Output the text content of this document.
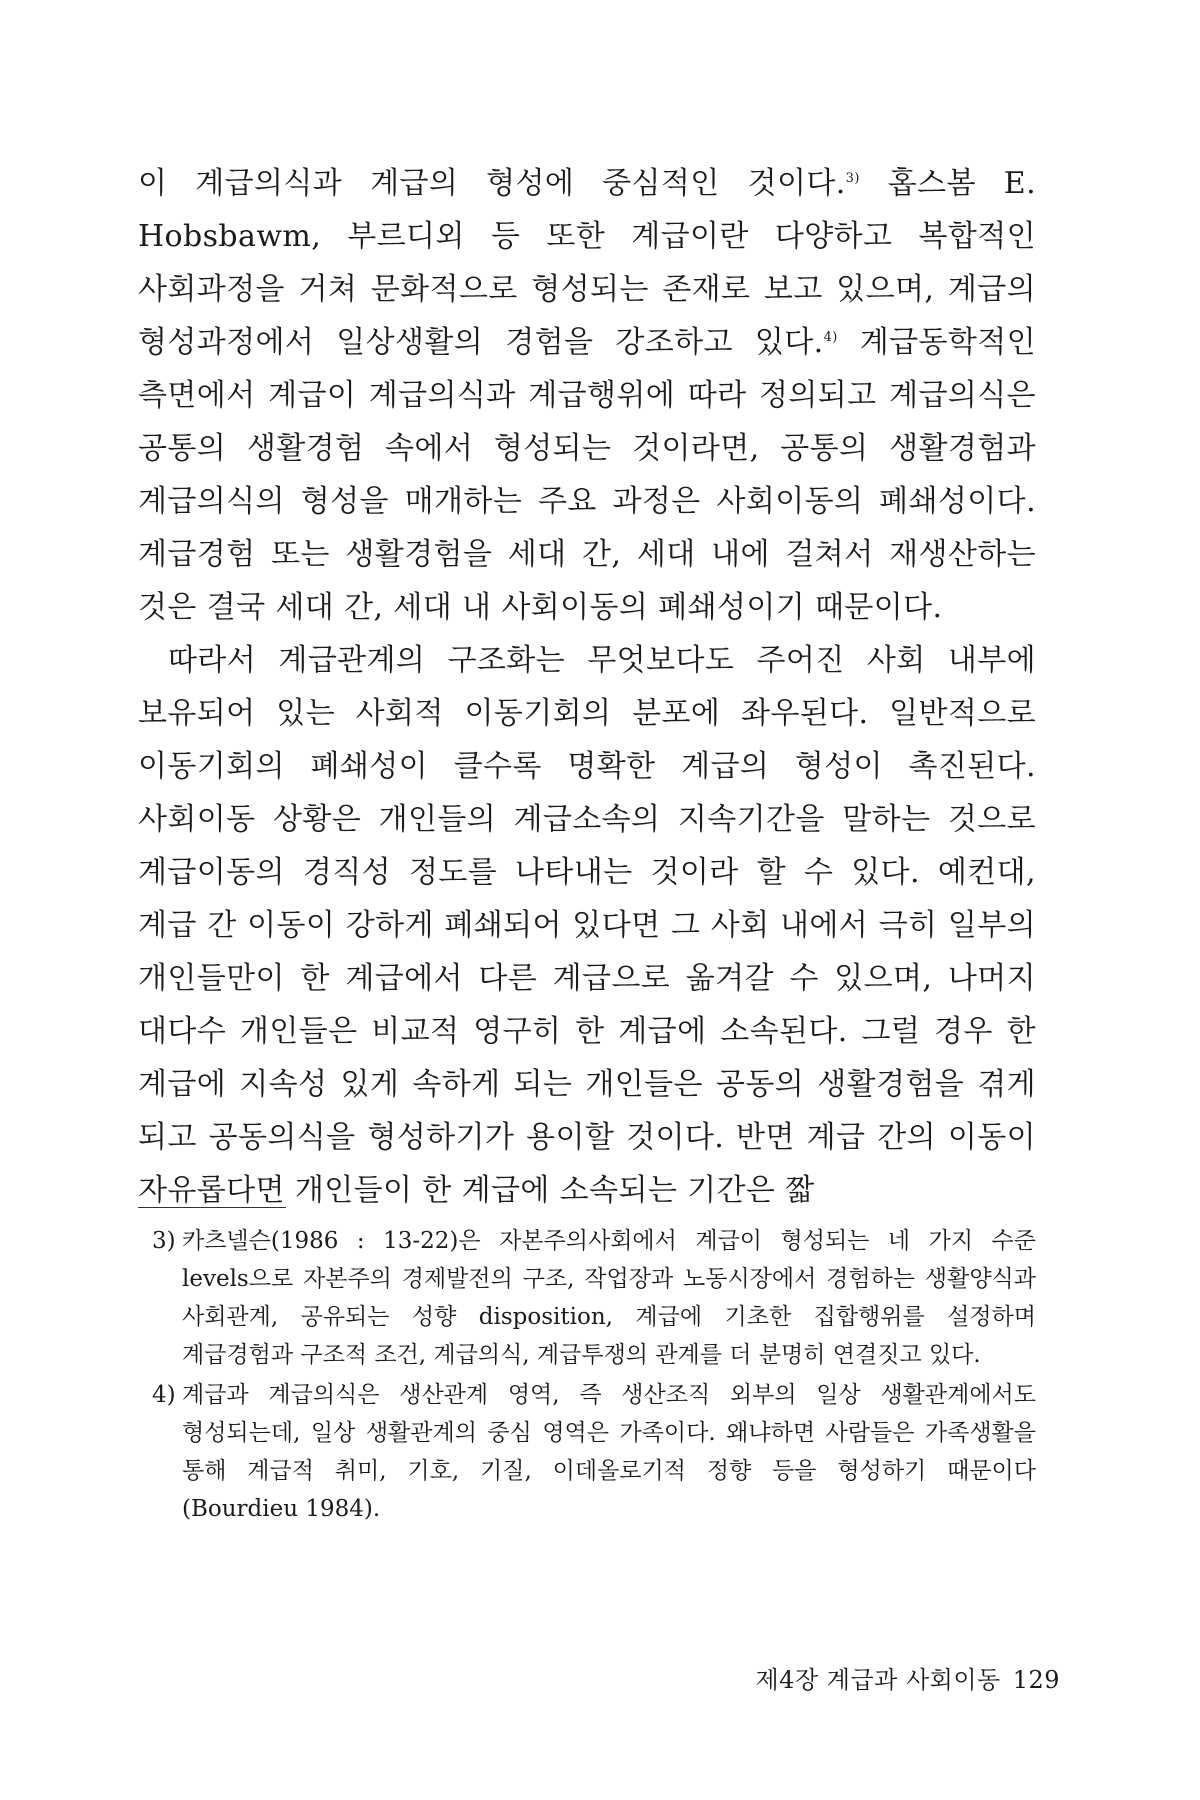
이 계급의식과 계급의 형성에 중심적인 것이다.$^{3)}$ 홉스봄 E. Hobsbawm, 부르디외 등 또한 계급이란 다양하고 복합적인 사회과정을 거쳐 문화적으로 형성되는 존재로 보고 있으며, 계급의 형성과정에서 일상생활의 경험을 강조하고 있다.$^{4)}$ 계급동학적인 측면에서 계급이 계급의식과 계급행위에 따라 정의되고 계급의식은 공통의 생활경험 속에서 형성되는 것이라면, 공통의 생활경험과 계급의식의 형성을 매개하는 주요 과정은 사회이동의 폐쇄성이다. 계급경험 또는 생활경험을 세대 간, 세대 내에 걸쳐서 재생산하는 것은 결국 세대 간, 세대 내 사회이동의 폐쇄성이기 때문이다.

따라서 계급관계의 구조화는 무엇보다도 주어진 사회 내부에 보유되어 있는 사회적 이동기회의 분포에 좌우된다. 일반적으로 이동기회의 폐쇄성이 클수록 명확한 계급의 형성이 촉진된다. 사회이동 상황은 개인들의 계급소속의 지속기간을 말하는 것으로 계급이동의 경직성 정도를 나타내는 것이라 할 수 있다. 예컨대, 계급 간 이동이 강하게 폐쇄되어 있다면 그 사회 내에서 극히 일부의 개인들만이 한 계급에서 다른 계급으로 옮겨갈 수 있으며, 나머지 대다수 개인들은 비교적 영구히 한 계급에 소속된다. 그럴 경우 한 계급에 지속성 있게 속하게 되는 개인들은 공동의 생활경험을 겪게 되고 공동의식을 형성하기가 용이할 것이다. 반면 계급 간의 이동이 자유롭다면 개인들이 한 계급에 소속되는 기간은 짧

3) 카츠넬슨(1986 : 13-22)은 자본주의사회에서 계급이 형성되는 네 가지 수준 levels으로 자본주의 경제발전의 구조, 작업장과 노동시장에서 경험하는 생활양식과 사회관계, 공유되는 성향 disposition, 계급에 기초한 집합행위를 설정하며 계급경험과 구조적 조건, 계급의식, 계급투쟁의 관계를 더 분명히 연결짓고 있다.

4) 계급과 계급의식은 생산관계 영역, 즉 생산조직 외부의 일상 생활관계에서도 형성되는데, 일상 생활관계의 중심 영역은 가족이다. 왜냐하면 사람들은 가족생활을 통해 계급적 취미, 기호, 기질, 이데올로기적 정향 등을 형성하기 때문이다 (Bourdieu 1984).

제4장 계급과 사회이동 129
